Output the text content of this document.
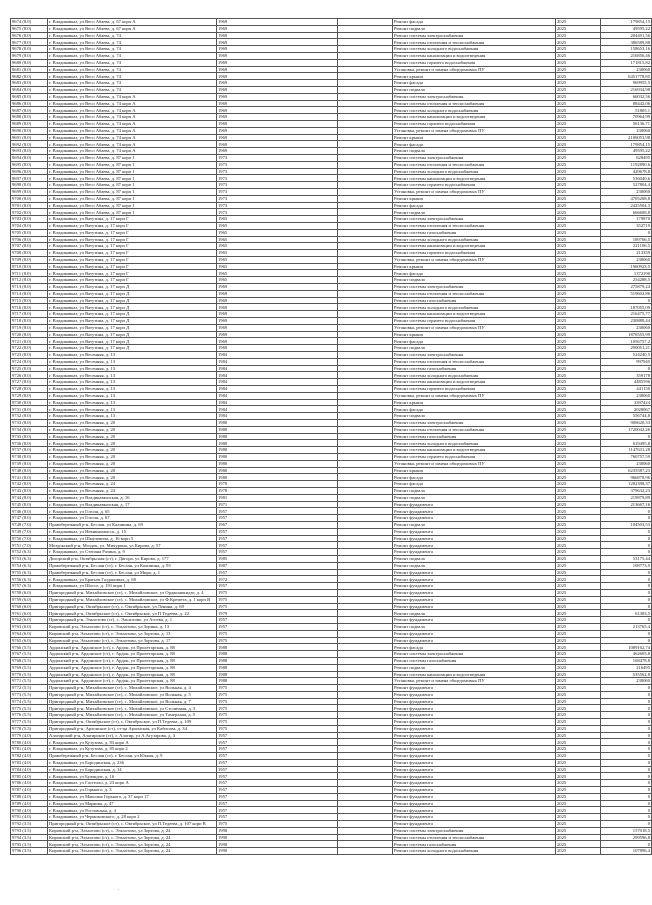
9674 (8.0)	г. Владикавказ, ул Весо Абаева, д. 67 корп А	1969		Ремонт фасада	2025	179854,15
9675 (8.0)	г. Владикавказ, ул Весо Абаева, д. 67 корп А	1969		Ремонт подвала	2025	49595,22
9676 (8.0)	г. Владикавказ, ул Весо Абаева, д. 74	1969		Ремонт системы электроснабжения	2025	204491,56
9677 (8.0)	г. Владикавказ, ул Весо Абаева, д. 74	1969		Ремонт системы отопления и теплоснабжения	2025	386589,88
9678 (8.0)	г. Владикавказ, ул Весо Абаева, д. 74	1969		Ремонт системы холодного водоснабжения	2025	158653,16
9679 (8.0)	г. Владикавказ, ул Весо Абаева, д. 74	1969		Ремонт системы канализации и водоотведения	2025	216856,46
9680 (8.0)	г. Владикавказ, ул Весо Абаева, д. 74	1969		Ремонт системы горячего водоснабжения	2025	171815,82
9681 (8.0)	г. Владикавказ, ул Весо Абаева, д. 74	1969		Установка, ремонт и замена общедомовых ПУ	2025	230060
9682 (8.0)	г. Владикавказ, ул Весо Абаева, д. 74	1969		Ремонт крыши	2025	6451778,85
9683 (8.0)	г. Владикавказ, ул Весо Абаева, д. 74	1969		Ремонт фасада	2025	969955,5
9684 (8.0)	г. Владикавказ, ул Весо Абаева, д. 74	1969		Ремонт подвала	2025	216934,98
9685 (8.0)	г. Владикавказ, ул Весо Абаева, д. 74 корп А	1969		Ремонт системы электроснабжения	2025	66032,56
9686 (8.0)	г. Владикавказ, ул Весо Абаева, д. 74 корп А	1969		Ремонт системы отопления и теплоснабжения	2025	88442,06
9687 (8.0)	г. Владикавказ, ул Весо Абаева, д. 74 корп А	1969		Ремонт системы холодного водоснабжения	2025	51805,1
9688 (8.0)	г. Владикавказ, ул Весо Абаева, д. 74 корп А	1969		Ремонт системы канализации и водоотведения	2025	70964,99
9689 (8.0)	г. Владикавказ, ул Весо Абаева, д. 74 корп А	1969		Ремонт системы горячего водоснабжения	2025	56136,71
9690 (8.0)	г. Владикавказ, ул Весо Абаева, д. 74 корп А	1969		Установка, ремонт и замена общедомовых ПУ	2025	230060
9691 (8.0)	г. Владикавказ, ул Весо Абаева, д. 74 корп А	1969		Ремонт крыши	2025	2106053,98
9692 (8.0)	г. Владикавказ, ул Весо Абаева, д. 74 корп А	1969		Ремонт фасада	2025	179854,15
9693 (8.0)	г. Владикавказ, ул Весо Абаева, д. 74 корп А	1969		Ремонт подвала	2025	49595,22
9694 (8.0)	г. Владикавказ, ул Весо Абаева, д. 87 корп 1	1973		Ремонт системы электроснабжения	2025	628495
9695 (8.0)	г. Владикавказ, ул Весо Абаева, д. 87 корп 1	1973		Ремонт системы отопления и теплоснабжения	2025	1192890,6
9696 (8.0)	г. Владикавказ, ул Весо Абаева, д. 87 корп 1	1973		Ремонт системы холодного водоснабжения	2025	429678,8
9697 (8.0)	г. Владикавказ, ул Весо Абаева, д. 87 корп 1	1973		Ремонт системы канализации и водоотведения	2025	536040,6
9698 (8.0)	г. Владикавказ, ул Весо Абаева, д. 87 корп 1	1973		Ремонт системы горячего водоснабжения	2025	527804,4
9699 (8.0)	г. Владикавказ, ул Весо Абаева, д. 87 корп 1	1973		Установка, ремонт и замена общедомовых ПУ	2025	230060
9700 (8.0)	г. Владикавказ, ул Весо Абаева, д. 87 корп 1	1973		Ремонт крыши	2025	4705208,8
9701 (8.0)	г. Владикавказ, ул Весо Абаева, д. 87 корп 1	1973		Ремонт фасада	2025	2425504,3
9702 (8.0)	г. Владикавказ, ул Весо Абаева, д. 87 корп 1	1973		Ремонт подвала	2025	666608,8
9703 (8.0)	г. Владикавказ, ул Ватутина, д. 17 корп Г	1965		Ремонт системы электроснабжения	2025	179870
9704 (8.0)	г. Владикавказ, ул Ватутина, д. 17 корп Г	1965		Ремонт системы отопления и теплоснабжения	2025	352719
9705 (8.0)	г. Владикавказ, ул Ватутина, д. 17 корп Г	1965		Ремонт системы газоснабжения	2025	0
9706 (8.0)	г. Владикавказ, ул Ватутина, д. 17 корп Г	1965		Ремонт системы холодного водоснабжения	2025	189766,5
9707 (8.0)	г. Владикавказ, ул Ватутина, д. 17 корп Г	1965		Ремонт системы канализации и водоотведения	2025	221106,5
9708 (8.0)	г. Владикавказ, ул Ватутина, д. 17 корп Г	1965		Ремонт системы горячего водоснабжения	2025	213359
9709 (8.0)	г. Владикавказ, ул Ватутина, д. 17 корп Г	1965		Установка, ремонт и замена общедомовых ПУ	2025	230060
9710 (8.0)	г. Владикавказ, ул Ватутина, д. 17 корп Г	1965		Ремонт крыши	2025	1960923,5
9711 (8.0)	г. Владикавказ, ул Ватутина, д. 17 корп Г	1965		Ремонт фасада	2025	1372190
9712 (8.0)	г. Владикавказ, ул Ватутина, д. 17 корп Г	1965		Ремонт подвала	2025	254288,5
9713 (8.0)	г. Владикавказ, ул Ватутина, д. 17 корп Д	1969		Ремонт системы электроснабжения	2025	275879,24
9714 (8.0)	г. Владикавказ, ул Ватутина, д. 17 корп Д	1969		Ремонт системы отопления и теплоснабжения	2025	519602,86
9715 (8.0)	г. Владикавказ, ул Ватутина, д. 17 корп Д	1969		Ремонт системы газоснабжения	2025	0
9716 (8.0)	г. Владикавказ, ул Ватутина, д. 17 корп Д	1969		Ремонт системы холодного водоснабжения	2025	187055,09
9717 (8.0)	г. Владикавказ, ул Ватутина, д. 17 корп Д	1969		Ремонт системы канализации и водоотведения	2025	216475,77
9718 (8.0)	г. Владикавказ, ул Ватутина, д. 17 корп Д	1969		Ремонт системы горячего водоснабжения	2025	230880,44
9719 (8.0)	г. Владикавказ, ул Ватутина, д. 17 корп Д	1969		Установка, ремонт и замена общедомовых ПУ	2025	230060
9720 (8.0)	г. Владикавказ, ул Ватутина, д. 17 корп Д	1969		Ремонт крыши	2025	1876555,99
9721 (8.0)	г. Владикавказ, ул Ватутина, д. 17 корп Д	1969		Ремонт фасада	2025	1056757,2
9722 (8.0)	г. Владикавказ, ул Ватутина, д. 17 корп Д	1969		Ремонт подвала	2025	290051,21
9723 (8.0)	г. Владикавказ, ул Весенняя, д. 13	1984		Ремонт системы электроснабжения	2025	524240,5
9724 (8.0)	г. Владикавказ, ул Весенняя, д. 13	1984		Ремонт системы отопления и теплоснабжения	2025	997945
9725 (8.0)	г. Владикавказ, ул Весенняя, д. 13	1984		Ремонт системы газоснабжения	2025	0
9726 (8.0)	г. Владикавказ, ул Весенняя, д. 13	1984		Ремонт системы холодного водоснабжения	2025	359178
9727 (8.0)	г. Владикавказ, ул Весенняя, д. 13	1984		Ремонт системы канализации и водоотведения	2025	4485596
9728 (8.0)	г. Владикавказ, ул Весенняя, д. 13	1984		Ремонт системы горячего водоснабжения	2025	441150
9729 (8.0)	г. Владикавказ, ул Весенняя, д. 13	1984		Установка, ремонт и замена общедомовых ПУ	2025	230060
9730 (8.0)	г. Владикавказ, ул Весенняя, д. 13	1984		Ремонт крыши	2025	3397424
9731 (8.0)	г. Владикавказ, ул Весенняя, д. 13	1984		Ремонт фасада	2025	2028067
9732 (8.0)	г. Владикавказ, ул Весенняя, д. 13	1984		Ремонт подвала	2025	556744,8
9733 (8.0)	г. Владикавказ, ул Весенняя, д. 20	1980		Ремонт системы электроснабжения	2025	906620,33
9734 (8.0)	г. Владикавказ, ул Весенняя, д. 20	1980		Ремонт системы отопления и теплоснабжения	2025	1720042,26
9735 (8.0)	г. Владикавказ, ул Весенняя, д. 20	1980		Ремонт системы газоснабжения	2025	0
9736 (8.0)	г. Владикавказ, ул Весенняя, д. 20	1980		Ремонт системы холодного водоснабжения	2025	619495,8
9737 (8.0)	г. Владикавказ, ул Весенняя, д. 20	1980		Ремонт системы канализации и водоотведения	2025	1147631,28
9738 (8.0)	г. Владикавказ, ул Весенняя, д. 20	1980		Ремонт системы горячего водоснабжения	2025	760757,59
9739 (8.0)	г. Владикавказ, ул Весенняя, д. 20	1980		Установка, ремонт и замена общедомовых ПУ	2025	230060
9740 (8.0)	г. Владикавказ, ул Весенняя, д. 20	1980		Ремонт крыши	2025	6235587,23
9741 (8.0)	г. Владикавказ, ул Весенняя, д. 20	1980		Ремонт фасада	2025	966878,96
9742 (8.0)	г. Владикавказ, ул Весенняя, д. 24	1978		Ремонт фасада	2025	1282398,37
9743 (8.0)	г. Владикавказ, ул Весенняя, д. 24	1978		Ремонт подвала	2025	379632,23
9744 (8.0)	г. Владикавказ, ул Владикавказская, д. 16	1981		Ремонт подвала	2025	219879,89
9745 (8.0)	г. Владикавказ, ул Владикавказская, д. 17	1971		Ремонт фундамента	2025	213667,16
9746 (8.0)	г. Владикавказ, ул Гоголя, д. 65	1957		Ремонт фундамента	2025	0
9747 (8.0)	г. Владикавказ, ул Гоголя, д. 67	1957		Ремонт фундамента	2025	0
9748 (7.0)	Правобережный р-н, Беслан, ул Калинина, д. 69	1967		Ремонт подвала	2025	104503,53
9749 (7.0)	г. Владикавказ, ул Невинномысск, д. 15	1957		Ремонт фундамента	2025	0
9750 (7.0)	г. Владикавказ, ул Шмулевича, д. 16 корп 5	1957		Ремонт фундамента	2025	0
9751 (7.0)	Моздокский р-н, Моздок, ул. Мичурина, ул Кирова, д. 57	1957		Ремонт фундамента	2025	0
9752 (6.3)	г. Владикавказ, ул Степана Разина, д. 9	1957		Ремонт фундамента	2025	0
9753 (6.3)	Дигорский р-н, Октябрьская (ст), г. Дигора, ул Кирова, д. 177	1985		Ремонт подвала	2025	53175,44
9754 (6.3)	Правобережный р-н, Беслан (ст), г. Беслан, ул Калинина, д. 93	1987		Ремонт подвала	2025	108773,9
9755 (6.3)	Правобережный р-н, Беслан (ст), г. Беслан, ул Мира, д. 1	1957		Ремонт фундамента	2025	0
9756 (6.3)	г. Владикавказ, ул Братьев Газдановых, д. 68	1972		Ремонт фундамента	2025	0
9757 (6.3)	г. Владикавказ, ул Шоссе, д. 191 корп 1	1957		Ремонт фундамента	2025	0
9758 (6.0)	Пригородный р-н, Михайловское (ст), с. Михайловское, ул Орджоникидзе, д. 4	1975		Ремонт фундамента	2025	0
9759 (6.0)	Пригородный р-н, Михайловское (ст), с. Михайловское, ул Ф.Кремета, д. 1 корп В	1975		Ремонт фундамента	2025	0
9760 (6.0)	Пригородный р-н, Октябрьское (ст), с. Октябрьское, ул Ленина, д. 69	1975		Ремонт фундамента	2025	0
9761 (6.0)	Пригородный р-н, Октябрьское (ст), с. Октябрьское, ул П.Тедеева, д. 22	1979		Ремонт подвала	2025	61383,5
9762 (6.0)	Пригородный р-н, Эльхотово (ст), с. Эльхотово, ул Агоева, д. 1	1957		Ремонт фундамента	2025	0
9763 (6.0)	Кировский р-н, Эльхотово (ст), с. Эльхотово, ул Зорина, д. 13	1957		Ремонт подвала	2025	213765,4
9764 (6.0)	Кировский р-н, Эльхотово (ст), с. Эльхотово, ул Зортова, д. 13	1975		Ремонт фундамента	2025	0
9765 (6.0)	Кировский р-н, Эльхотово (ст), с. Эльхотово, ул Зортова, д. 17	1975		Ремонт фундамента	2025	0
9766 (5.5)	Ардонский р-н, Ардонское (ст), г. Ардон, ул Пролетарская, д. 88	1988		Ремонт фасада	2025	1089162,74
9767 (5.5)	Ардонский р-н, Ардонское (ст), г. Ардон, ул Пролетарская, д. 88	1988		Ремонт системы электроснабжения	2025	462605,8
9768 (5.5)	Ардонский р-н, Ардонское (ст), г. Ардон, ул Пролетарская, д. 88	1988		Ремонт системы газоснабжения	2025	168478,8
9769 (5.5)	Ардонский р-н, Ардонское (ст), г. Ардон, ул Пролетарская, д. 88	1988		Ремонт подвала	2025	216495
9770 (5.5)	Ардонский р-н, Ардонское (ст), г. Ардон, ул Пролетарская, д. 88	1988		Ремонт системы канализации и водоотведения	2025	535562,8
9771 (5.5)	Ардонский р-н, Ардонское (ст), г. Ардон, ул Пролетарская, д. 88	1988		Установка, ремонт и замена общедомовых ПУ	2025	230060
9772 (5.5)	Пригородный р-н, Михайловское (ст), с. Михайловское, ул Вольная, д. 4	1975		Ремонт фундамента	2025	0
9773 (5.5)	Пригородный р-н, Михайловское (ст), с. Михайловское, ул Вольная, д. 5	1975		Ремонт фундамента	2025	0
9774 (5.5)	Пригородный р-н, Михайловское (ст), с. Михайловское, ул Вольная, д. 7	1975		Ремонт фундамента	2025	0
9775 (5.5)	Пригородный р-н, Михайловское (ст), с. Михайловское, ул Столичная, д. 3	1975		Ремонт фундамента	2025	0
9776 (5.5)	Пригородный р-н, Михайловское (ст), с. Михайловское, ул Тамерлана, д. 5	1975		Ремонт фундамента	2025	0
9777 (5.5)	Пригородный р-н, Октябрьское (ст), с. Октябрьское, ул П.Тедеева, д. 109	1975		Ремонт фундамента	2025	0
9778 (5.5)	Пригородный р-н, Архонское (ст), ст-ца Архонская, ул Кабисова, д. 34	1975		Ремонт фундамента	2025	0
9779 (4.0)	Алагирский р-н, Алагирское (ст), г. Алагир, ул А.Агузарова, д. 3	1957		Ремонт фундамента	2025	0
9780 (4.0)	г. Владикавказ, ул Кутузова, д. 83 корп А	1957		Ремонт фундамента	2025	0
9781 (4.0)	г. Владикавказ, ул Кутузова, д. 85 корп 2	1957		Ремонт фундамента	2025	0
9782 (4.0)	Правобережный р-н, Беслан (ст), г. Беслан, ул Юккая, д. 9	1957		Ремонт фундамента	2025	0
9783 (4.0)	г. Владикавказ, ул Бородинская, д. 236	1957		Ремонт фундамента	2025	0
9784 (4.0)	г. Владикавказ, ул Бородинская, д. 14	1957		Ремонт фундамента	2025	0
9785 (4.0)	г. Владикавказ, ул Буачидзе, д. 16	1957		Ремонт фундамента	2025	0
9786 (4.0)	г. Владикавказ, ул Гастелло, д. 23 корп А	1957		Ремонт фундамента	2025	0
9787 (4.0)	г. Владикавказ, ул Горького, д. 3	1957		Ремонт фундамента	2025	0
9788 (4.0)	г. Владикавказ, ул Максима Горького, д. 37 корп 17	1957		Ремонт фундамента	2025	0
9789 (4.0)	г. Владикавказ, ул Маркова, д. 47	1957		Ремонт фундамента	2025	0
9790 (4.0)	г. Владикавказ, ул Ростовская, д. 4	1957		Ремонт фундамента	2025	0
9791 (4.0)	г. Владикавказ, ул Чермоковского, д. 28 корп 2	1957		Ремонт фундамента	2025	0
9792 (3.5)	Пригородный р-н, Октябрьское (ст), с. Октябрьское, ул П.Тедеева, д. 107 корп В	1975		Ремонт фундамента	2025	0
9793 (3.5)	Кировский р-н, Эльхотово (ст), с. Эльхотово, ул Зортова, д. 24	1990		Ремонт системы электроснабжения	2025	157018,5
9794 (3.5)	Кировский р-н, Эльхотово (ст), с. Эльхотово, ул Зортова, д. 24	1990		Ремонт системы отопления и теплоснабжения	2025	299596,8
9795 (3.5)	Кировский р-н, Эльхотово (ст), с. Эльхотово, ул Зортова, д. 24	1990		Ремонт системы газоснабжения	2025	0
9796 (3.5)	Кировский р-н, Эльхотово (ст), с. Эльхотово, ул Зортова, д. 24	1990		Ремонт системы холодного водоснабжения	2025	107896,4
.
